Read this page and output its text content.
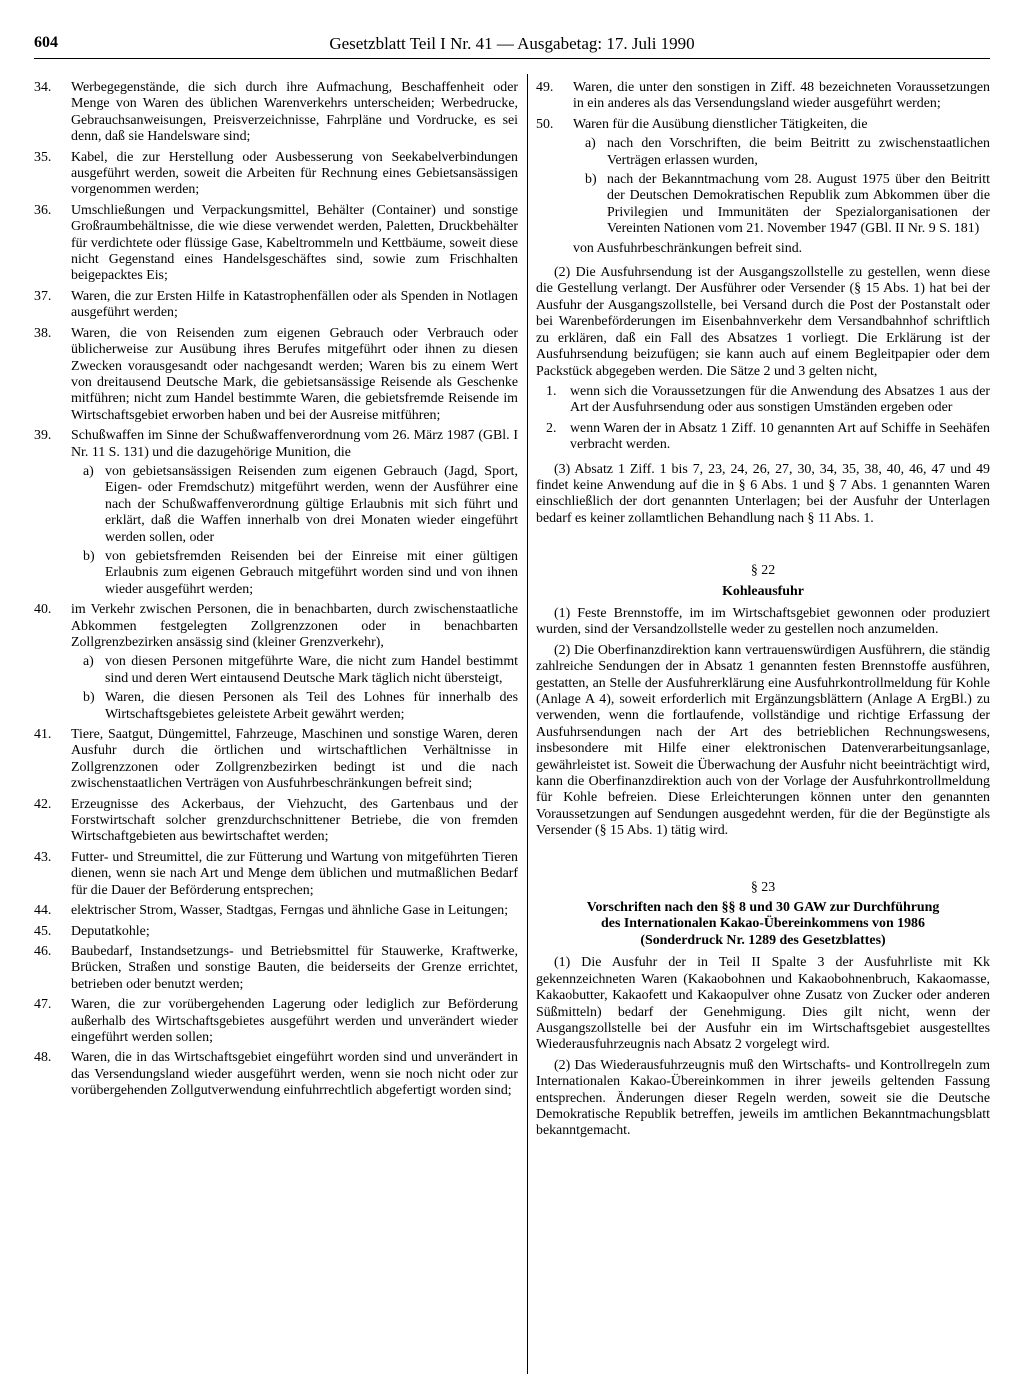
604	Gesetzblatt Teil I Nr. 41 — Ausgabetag: 17. Juli 1990
34.	Werbegegenstände, die sich durch ihre Aufmachung, Beschaffenheit oder Menge von Waren des üblichen Warenverkehrs unterscheiden; Werbedrucke, Gebrauchsanweisungen, Preisverzeichnisse, Fahrpläne und Vordrucke, es sei denn, daß sie Handelsware sind;

35.	Kabel, die zur Herstellung oder Ausbesserung von Seekabelverbindungen ausgeführt werden, soweit die Arbeiten für Rechnung eines Gebietsansässigen vorgenommen werden;

36.	Umschließungen und Verpackungsmittel, Behälter (Container) und sonstige Großraumbehältnisse, die wie diese verwendet werden, Paletten, Druckbehälter für verdichtete oder flüssige Gase, Kabeltrommeln und Kettbäume, soweit diese nicht Gegenstand eines Handelsgeschäftes sind, sowie zum Frischhalten beigepacktes Eis;

37.	Waren, die zur Ersten Hilfe in Katastrophenfällen oder als Spenden in Notlagen ausgeführt werden;

38.	Waren, die von Reisenden zum eigenen Gebrauch oder Verbrauch oder üblicherweise zur Ausübung ihres Berufes mitgeführt oder ihnen zu diesen Zwecken vorausgesandt oder nachgesandt werden; Waren bis zu einem Wert von dreitausend Deutsche Mark, die gebietsansässige Reisende als Geschenke mitführen; nicht zum Handel bestimmte Waren, die gebietsfremde Reisende im Wirtschaftsgebiet erworben haben und bei der Ausreise mitführen;

39.	Schußwaffen im Sinne der Schußwaffenverordnung vom 26. März 1987 (GBl. I Nr. 11 S. 131) und die dazugehörige Munition, die

a) von gebietsansässigen Reisenden zum eigenen Gebrauch (Jagd, Sport, Eigen- oder Fremdschutz) mitgeführt werden, wenn der Ausführer eine nach der Schußwaffenverordnung gültige Erlaubnis mit sich führt und erklärt, daß die Waffen innerhalb von drei Monaten wieder eingeführt werden sollen, oder
b) von gebietsfremden Reisenden bei der Einreise mit einer gültigen Erlaubnis zum eigenen Gebrauch mitgeführt worden sind und von ihnen wieder ausgeführt werden;
40.	im Verkehr zwischen Personen, die in benachbarten, durch zwischenstaatliche Abkommen festgelegten Zollgrenzzonen oder in benachbarten Zollgrenzbezirken ansässig sind (kleiner Grenzverkehr),

a) von diesen Personen mitgeführte Ware, die nicht zum Handel bestimmt sind und deren Wert eintausend Deutsche Mark täglich nicht übersteigt,
b) Waren, die diesen Personen als Teil des Lohnes für innerhalb des Wirtschaftsgebietes geleistete Arbeit gewährt werden;
41.	Tiere, Saatgut, Düngemittel, Fahrzeuge, Maschinen und sonstige Waren, deren Ausfuhr durch die örtlichen und wirtschaftlichen Verhältnisse in Zollgrenzzonen oder Zollgrenzbezirken bedingt ist und die nach zwischenstaatlichen Verträgen von Ausfuhrbeschränkungen befreit sind;

42.	Erzeugnisse des Ackerbaus, der Viehzucht, des Gartenbaus und der Forstwirtschaft solcher grenzdurchschnittener Betriebe, die von fremden Wirtschaftgebieten aus bewirtschaftet werden;

43.	Futter- und Streumittel, die zur Fütterung und Wartung von mitgeführten Tieren dienen, wenn sie nach Art und Menge dem üblichen und mutmaßlichen Bedarf für die Dauer der Beförderung entsprechen;

44.	elektrischer Strom, Wasser, Stadtgas, Ferngas und ähnliche Gase in Leitungen;

45.	Deputatkohle;

46.	Baubedarf, Instandsetzungs- und Betriebsmittel für Stauwerke, Kraftwerke, Brücken, Straßen und sonstige Bauten, die beiderseits der Grenze errichtet, betrieben oder benutzt werden;

47.	Waren, die zur vorübergehenden Lagerung oder lediglich zur Beförderung außerhalb des Wirtschaftsgebietes ausgeführt werden und unverändert wieder eingeführt werden sollen;

48.	Waren, die in das Wirtschaftsgebiet eingeführt worden sind und unverändert in das Versendungsland wieder ausgeführt werden, wenn sie noch nicht oder zur vorübergehenden Zollgutverwendung einfuhrrechtlich abgefertigt worden sind;

49.	Waren, die unter den sonstigen in Ziff. 48 bezeichneten Voraussetzungen in ein anderes als das Versendungsland wieder ausgeführt werden;

50.	Waren für die Ausübung dienstlicher Tätigkeiten, die

a) nach den Vorschriften, die beim Beitritt zu zwischenstaatlichen Verträgen erlassen wurden,
b) nach der Bekanntmachung vom 28. August 1975 über den Beitritt der Deutschen Demokratischen Republik zum Abkommen über die Privilegien und Immunitäten der Spezialorganisationen der Vereinten Nationen vom 21. November 1947 (GBl. II Nr. 9 S. 181)

von Ausfuhrbeschränkungen befreit sind.

(2) Die Ausfuhrsendung ist der Ausgangszollstelle zu gestellen, wenn diese die Gestellung verlangt. Der Ausführer oder Versender (§ 15 Abs. 1) hat bei der Ausfuhr der Ausgangszollstelle, bei Versand durch die Post der Postanstalt oder bei Warenbeförderungen im Eisenbahnverkehr dem Versandbahnhof schriftlich zu erklären, daß ein Fall des Absatzes 1 vorliegt. Die Erklärung ist der Ausfuhrsendung beizufügen; sie kann auch auf einem Begleitpapier oder dem Packstück abgegeben werden. Die Sätze 2 und 3 gelten nicht,

1. wenn sich die Voraussetzungen für die Anwendung des Absatzes 1 aus der Art der Ausfuhrsendung oder aus sonstigen Umständen ergeben oder
2. wenn Waren der in Absatz 1 Ziff. 10 genannten Art auf Schiffe in Seehäfen verbracht werden.

(3) Absatz 1 Ziff. 1 bis 7, 23, 24, 26, 27, 30, 34, 35, 38, 40, 46, 47 und 49 findet keine Anwendung auf die in § 6 Abs. 1 und § 7 Abs. 1 genannten Waren einschließlich der dort genannten Unterlagen; bei der Ausfuhr der Unterlagen bedarf es keiner zollamtlichen Behandlung nach § 11 Abs. 1.

§ 22
Kohleausfuhr

(1) Feste Brennstoffe, im im Wirtschaftsgebiet gewonnen oder produziert wurden, sind der Versandzollstelle weder zu gestellen noch anzumelden.

(2) Die Oberfinanzdirektion kann vertrauenswürdigen Ausführern, die ständig zahlreiche Sendungen der in Absatz 1 genannten festen Brennstoffe ausführen, gestatten, an Stelle der Ausfuhrerklärung eine Ausfuhrkontrollmeldung für Kohle (Anlage A 4), soweit erforderlich mit Ergänzungsblättern (Anlage A ErgBl.) zu verwenden, wenn die fortlaufende, vollständige und richtige Erfassung der Ausfuhrsendungen nach der Art des betrieblichen Rechnungswesens, insbesondere mit Hilfe einer elektronischen Datenverarbeitungsanlage, gewährleistet ist. Soweit die Überwachung der Ausfuhr nicht beeinträchtigt wird, kann die Oberfinanzdirektion auch von der Vorlage der Ausfuhrkontrollmeldung für Kohle befreien. Diese Erleichterungen können unter den genannten Voraussetzungen auf Sendungen ausgedehnt werden, für die der Begünstigte als Versender (§ 15 Abs. 1) tätig wird.

§ 23
Vorschriften nach den §§ 8 und 30 GAW zur Durchführung
des Internationalen Kakao-Übereinkommens von 1986
(Sonderdruck Nr. 1289 des Gesetzblattes)

(1) Die Ausfuhr der in Teil II Spalte 3 der Ausfuhrliste mit Kk gekennzeichneten Waren (Kakaobohnen und Kakaobohnenbruch, Kakaomasse, Kakaobutter, Kakaofett und Kakaopulver ohne Zusatz von Zucker oder anderen Süßmitteln) bedarf der Genehmigung. Dies gilt nicht, wenn der Ausgangszollstelle bei der Ausfuhr ein im Wirtschaftsgebiet ausgestelltes Wiederausfuhrzeugnis nach Absatz 2 vorgelegt wird.

(2) Das Wiederausfuhrzeugnis muß den Wirtschafts- und Kontrollregeln zum Internationalen Kakao-Übereinkommen in ihrer jeweils geltenden Fassung entsprechen. Änderungen dieser Regeln werden, soweit sie die Deutsche Demokratische Republik betreffen, jeweils im amtlichen Bekanntmachungsblatt bekanntgemacht.
